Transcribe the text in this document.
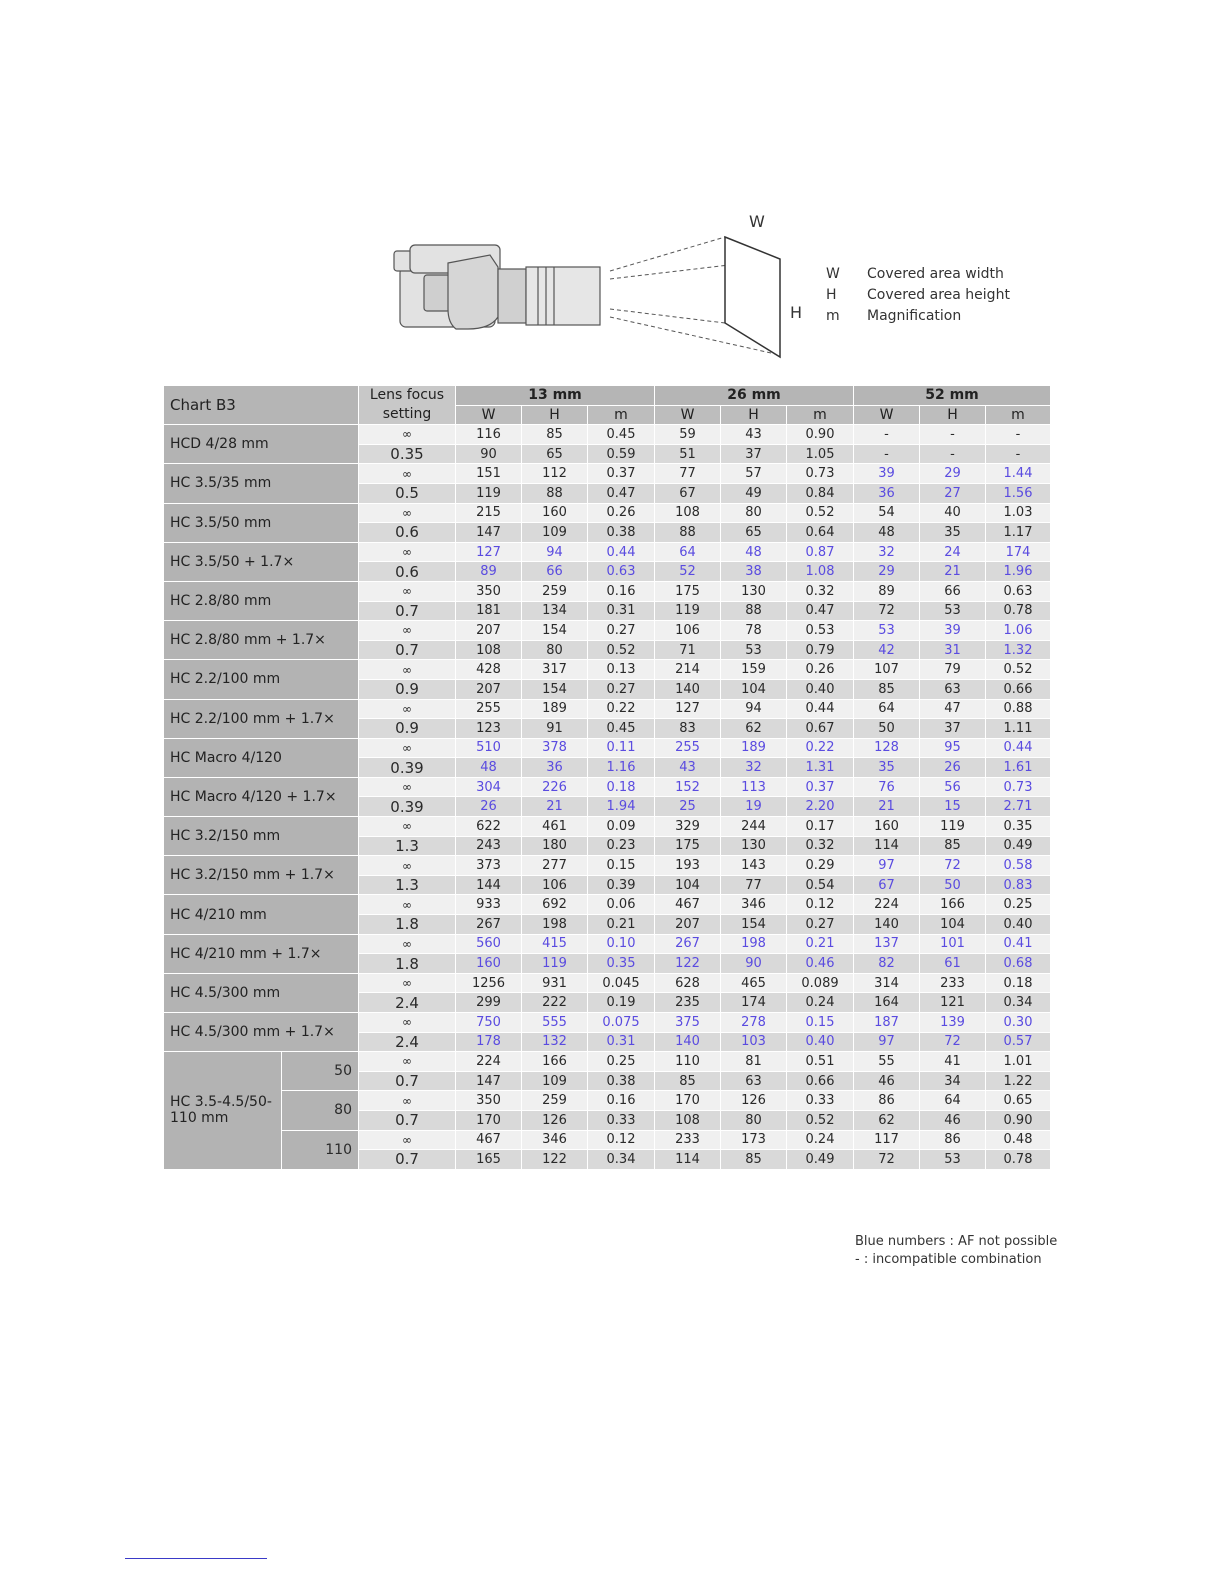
W
H
W	Covered area width
H	Covered area height
m	Magnification
Chart B3		Lens focus setting	13 mm			26 mm			52 mm		
			W	H	m	W	H	m	W	H	m
HCD 4/28 mm		∞	116	85	0.45	59	43	0.90	-	-	-
		0.35	90	65	0.59	51	37	1.05	-	-	-
HC 3.5/35 mm		∞	151	112	0.37	77	57	0.73	39	29	1.44
		0.5	119	88	0.47	67	49	0.84	36	27	1.56
HC 3.5/50 mm		∞	215	160	0.26	108	80	0.52	54	40	1.03
		0.6	147	109	0.38	88	65	0.64	48	35	1.17
HC 3.5/50 + 1.7×		∞	127	94	0.44	64	48	0.87	32	24	174
		0.6	89	66	0.63	52	38	1.08	29	21	1.96
HC 2.8/80 mm		∞	350	259	0.16	175	130	0.32	89	66	0.63
		0.7	181	134	0.31	119	88	0.47	72	53	0.78
HC 2.8/80 mm + 1.7×		∞	207	154	0.27	106	78	0.53	53	39	1.06
		0.7	108	80	0.52	71	53	0.79	42	31	1.32
HC 2.2/100 mm		∞	428	317	0.13	214	159	0.26	107	79	0.52
		0.9	207	154	0.27	140	104	0.40	85	63	0.66
HC 2.2/100 mm + 1.7×		∞	255	189	0.22	127	94	0.44	64	47	0.88
		0.9	123	91	0.45	83	62	0.67	50	37	1.11
HC Macro 4/120		∞	510	378	0.11	255	189	0.22	128	95	0.44
		0.39	48	36	1.16	43	32	1.31	35	26	1.61
HC Macro 4/120 + 1.7×		∞	304	226	0.18	152	113	0.37	76	56	0.73
		0.39	26	21	1.94	25	19	2.20	21	15	2.71
HC 3.2/150 mm		∞	622	461	0.09	329	244	0.17	160	119	0.35
		1.3	243	180	0.23	175	130	0.32	114	85	0.49
HC 3.2/150 mm + 1.7×		∞	373	277	0.15	193	143	0.29	97	72	0.58
		1.3	144	106	0.39	104	77	0.54	67	50	0.83
HC 4/210 mm		∞	933	692	0.06	467	346	0.12	224	166	0.25
		1.8	267	198	0.21	207	154	0.27	140	104	0.40
HC 4/210 mm + 1.7×		∞	560	415	0.10	267	198	0.21	137	101	0.41
		1.8	160	119	0.35	122	90	0.46	82	61	0.68
HC 4.5/300 mm		∞	1256	931	0.045	628	465	0.089	314	233	0.18
		2.4	299	222	0.19	235	174	0.24	164	121	0.34
HC 4.5/300 mm + 1.7×		∞	750	555	0.075	375	278	0.15	187	139	0.30
		2.4	178	132	0.31	140	103	0.40	97	72	0.57
HC 3.5-4.5/50-110 mm	50	∞	224	166	0.25	110	81	0.51	55	41	1.01
		0.7	147	109	0.38	85	63	0.66	46	34	1.22
	80	∞	350	259	0.16	170	126	0.33	86	64	0.65
		0.7	170	126	0.33	108	80	0.52	62	46	0.90
	110	∞	467	346	0.12	233	173	0.24	117	86	0.48
		0.7	165	122	0.34	114	85	0.49	72	53	0.78
Blue numbers : AF not possible
- : incompatible combination
